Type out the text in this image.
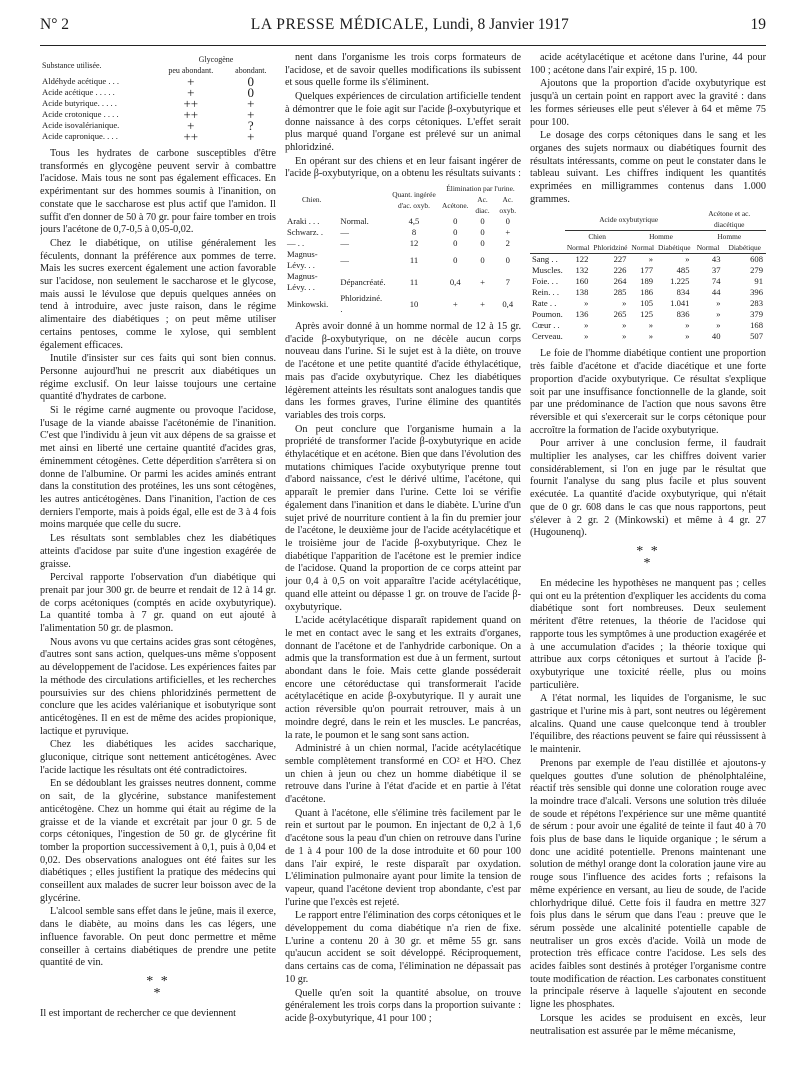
N° 2	LA PRESSE MÉDICALE, Lundi, 8 Janvier 1917	19
Substance utilisée.	Glycogène	
	peu abondant.	abondant.
Aldéhyde acétique . . .	+	0
Acide acétique . . . . .	+	0
Acide butyrique. . . . .	++	+
Acide crotonique . . . .	++	+
Acide isovalérianique.	+	?
Acide capronique. . . .	++	+

Tous les hydrates de carbone susceptibles d'être transformés en glycogène peuvent servir à combattre l'acidose. Mais tous ne sont pas également efficaces. En expérimentant sur des hommes soumis à l'inanition, on constate que le saccharose est plus actif que l'amidon. Il suffit d'en donner de 50 à 70 gr. pour faire tomber en trois jours l'acétone de 0,7-0,5 à 0,05-0,02.

Chez le diabétique, on utilise généralement les féculents, donnant la préférence aux pommes de terre. Mais les sucres exercent également une action favorable sur l'acidose, non seulement le saccharose et le glycose, mais aussi le lévulose que depuis quelques années on tend à introduire, avec juste raison, dans le régime alimentaire des diabétiques ; on peut même utiliser certains pentoses, comme le xylose, qui semblent également efficaces.

Inutile d'insister sur ces faits qui sont bien connus. Personne aujourd'hui ne prescrit aux diabétiques un régime exclusif. On leur laisse toujours une certaine quantité d'hydrates de carbone.

Si le régime carné augmente ou provoque l'acidose, l'usage de la viande abaisse l'acétonémie de l'inanition. C'est que l'individu à jeun vit aux dépens de sa graisse et met ainsi en liberté une certaine quantité d'acides gras, éminemment cétogènes. Cette déperdition s'arrêtera si on donne de l'albumine. Or parmi les acides aminés entrant dans la constitution des protéines, les uns sont cétogènes, les autres anticétogènes. Dans l'inanition, l'action de ces derniers l'emporte, mais à poids égal, elle est de 3 à 4 fois moins marquée que celle du sucre.

Les résultats sont semblables chez les diabétiques atteints d'acidose par suite d'une ingestion exagérée de graisse.

Percival rapporte l'observation d'un diabétique qui prenait par jour 300 gr. de beurre et rendait de 12 à 14 gr. de corps acétoniques (comptés en acide oxybutyrique). La quantité tomba à 7 gr. quand on eut ajouté à l'alimentation 50 gr. de plasmon.

Nous avons vu que certains acides gras sont cétogènes, d'autres sont sans action, quelques-uns même s'opposent au développement de l'acidose. Les expériences faites par la méthode des circulations artificielles, et les recherches poursuivies sur des chiens phloridzinés permettent de conclure que les acides valérianique et isobutyrique sont anticétogènes. Il en est de même des acides propionique, lactique et pyruvique.

Chez les diabétiques les acides saccharique, gluconique, citrique sont nettement anticétogènes. Avec l'acide lactique les résultats ont été contradictoires.

En se dédoublant les graisses neutres donnent, comme on sait, de la glycérine, substance manifestement anticétogène. Chez un homme qui était au régime de la graisse et de la viande et excrétait par jour 0 gr. 5 de corps cétoniques, l'ingestion de 50 gr. de glycérine fit tomber la proportion successivement à 0,1, puis à 0,04 et 0,02. Des observations analogues ont été faites sur les diabétiques ; elles justifient la pratique des médecins qui conseillent aux malades de sucrer leur boisson avec de la glycérine.

L'alcool semble sans effet dans le jeûne, mais il exerce, dans le diabète, au moins dans les cas légers, une influence favorable. On peut donc permettre et même conseiller à certains diabétiques de prendre une petite quantité de vin.

* *
*

Il est important de rechercher ce que deviennent

nent dans l'organisme les trois corps formateurs de l'acidose, et de savoir quelles modifications ils subissent et sous quelle forme ils s'éliminent.

Quelques expériences de circulation artificielle tendent à démontrer que le foie agit sur l'acide β-oxybutyrique et donne naissance à des corps cétoniques. L'effet serait plus marqué quand l'organe est prélevé sur un animal phloridziné.

En opérant sur des chiens et en leur faisant ingérer de l'acide β-oxybutyrique, on a obtenu les résultats suivants :

Chien.		Quant. ingérée d'ac. oxyb.	Élimination par l'urine.		
			Acétone.	Ac. diac.	Ac. oxyb.
Araki . . .	Normal.	4,5	0	0	0
Schwarz. .	—	8	0	0	+
— . .	—	12	0	0	2
Magnus-Lévy. . .	—	11	0	0	0
Magnus-Lévy. . .	Dépancréaté.	11	0,4	+	7
Minkowski.	Phloridziné. .	10	+	+	0,4

Après avoir donné à un homme normal de 12 à 15 gr. d'acide β-oxybutyrique, on ne décèle aucun corps nouveau dans l'urine. Si le sujet est à la diète, on trouve de l'acétone et une petite quantité d'acide éthylacétique, mais pas d'acide oxybutyrique. Chez les diabétiques légèrement atteints les résultats sont analogues tandis que dans les formes graves, l'urine élimine des quantités variables des trois corps.

On peut conclure que l'organisme humain a la propriété de transformer l'acide β-oxybutyrique en acide éthylacétique et en acétone. Bien que dans l'évolution des mutations chimiques l'acide oxybutyrique prenne tout d'abord naissance, c'est le dérivé ultime, l'acétone, qui apparaît le premier dans l'urine. Cette loi se vérifie également dans l'inanition et dans le diabète. L'urine d'un sujet privé de nourriture contient à la fin du premier jour de l'acétone, le deuxième jour de l'acide acétylacétique et le troisième jour de l'acide β-oxybutyrique. Chez le diabétique l'apparition de l'acétone est le premier indice de l'acidose. Quand la proportion de ce corps atteint par jour 0,4 à 0,5 on voit apparaître l'acide acétylacétique, quand elle atteint ou dépasse 1 gr. on trouve de l'acide β-oxybutyrique.

L'acide acétylacétique disparaît rapidement quand on le met en contact avec le sang et les extraits d'organes, donnant de l'acétone et de l'anhydride carbonique. On a admis que la transformation est due à un ferment, surtout abondant dans le foie. Mais cette glande posséderait encore une cétoréductase qui transformerait l'acide acétylacétique en acide β-oxybutyrique. Il y aurait une action réversible qu'on pourrait retrouver, mais à un moindre degré, dans le rein et les muscles. Le pancréas, la rate, le poumon et le sang sont sans action.

Administré à un chien normal, l'acide acétylacétique semble complètement transformé en CO² et H²O. Chez un chien à jeun ou chez un homme diabétique il se retrouve dans l'urine à l'état d'acide et en partie à l'état d'acétone.

Quant à l'acétone, elle s'élimine très facilement par le rein et surtout par le poumon. En injectant de 0,2 à 1,6 d'acétone sous la peau d'un chien on retrouve dans l'urine de 1 à 4 pour 100 de la dose introduite et 60 pour 100 dans l'air expiré, le reste disparaît par oxydation. L'élimination pulmonaire ayant pour limite la tension de vapeur, quand l'acétone devient trop abondante, c'est par l'urine que l'excès est rejeté.

Le rapport entre l'élimination des corps cétoniques et le développement du coma diabétique n'a rien de fixe. L'urine a contenu 20 à 30 gr. et même 55 gr. sans qu'aucun accident se soit développé. Réciproquement, dans certains cas de coma, l'élimination ne dépassait pas 10 gr.

Quelle qu'en soit la quantité absolue, on trouve généralement les trois corps dans la proportion suivante : acide β-oxybutyrique, 41 pour 100 ;

acide acétylacétique et acétone dans l'urine, 44 pour 100 ; acétone dans l'air expiré, 15 p. 100.

Ajoutons que la proportion d'acide oxybutyrique est jusqu'à un certain point en rapport avec la gravité : dans les formes sérieuses elle peut s'élever à 64 et même 75 pour 100.

Le dosage des corps cétoniques dans le sang et les organes des sujets normaux ou diabétiques fournit des résultats intéressants, comme on peut le constater dans le tableau suivant. Les chiffres indiquent les quantités exprimées en milligrammes contenus dans 1.000 grammes.

	Acide oxybutyrique				Acétone et ac. diacétique	
	Chien		Homme		Homme	
	Normal	Phloridziné	Normal	Diabétique	Normal	Diabétique
Sang . .	122	227	»	»	43	608
Muscles.	132	226	177	485	37	279
Foie. . .	160	264	189	1.225	74	91
Rein. . .	138	285	186	834	44	396
Rate . .	»	»	105	1.041	»	283
Poumon.	136	265	125	836	»	379
Cœur . .	»	»	»	»	»	168
Cerveau.	»	»	»	»	40	507

Le foie de l'homme diabétique contient une proportion très faible d'acétone et d'acide diacétique et une forte proportion d'acide oxybutyrique. Ce résultat s'explique soit par une insuffisance fonctionnelle de la glande, soit par une prédominance de l'action que nous savons être réversible et qui s'exercerait sur le corps cétonique pour accroître la formation de l'acide oxybutyrique.

Pour arriver à une conclusion ferme, il faudrait multiplier les analyses, car les chiffres doivent varier considérablement, si l'on en juge par le résultat que fournit l'analyse du sang plus facile et plus souvent exécutée. La quantité d'acide oxybutyrique, qui n'était que de 0 gr. 608 dans le cas que nous rapportons, peut s'élever à 2 gr. 2 (Minkowski) et même à 4 gr. 27 (Hugounenq).

* *
*

En médecine les hypothèses ne manquent pas ; celles qui ont eu la prétention d'expliquer les accidents du coma diabétique sont fort nombreuses. Deux seulement méritent d'être retenues, la théorie de l'acidose qui rapporte tous les symptômes à une production exagérée et à une accumulation d'acides ; la théorie toxique qui attribue aux corps cétoniques et surtout à l'acide β-oxybutyrique une toxicité réelle, plus ou moins particulière.

A l'état normal, les liquides de l'organisme, le suc gastrique et l'urine mis à part, sont neutres ou légèrement alcalins. Quand une cause quelconque tend à troubler l'équilibre, des réactions peuvent se faire qui réussissent à le maintenir.

Prenons par exemple de l'eau distillée et ajoutons-y quelques gouttes d'une solution de phénolphtaléine, réactif très sensible qui donne une coloration rouge avec la moindre trace d'alcali. Versons une solution très diluée de soude et répétons l'expérience sur une même quantité de sérum : pour avoir une égalité de teinte il faut 40 à 70 fois plus de base dans le liquide organique ; le sérum a donc une acidité potentielle. Prenons maintenant une solution de méthyl orange dont la coloration jaune vire au rouge sous l'influence des acides forts ; refaisons la même expérience en versant, au lieu de soude, de l'acide chlorhydrique dilué. Cette fois il faudra en mettre 327 fois plus dans le sérum que dans l'eau : preuve que le sérum possède une alcalinité potentielle capable de neutraliser un gros excès d'acide. Voilà un mode de protection très efficace contre l'acidose. Les sels des acides faibles sont destinés à protéger l'organisme contre toute modification de réaction. Les carbonates constituent la principale réserve à laquelle s'ajoutent en seconde ligne les phosphates.

Lorsque les acides se produisent en excès, leur neutralisation est assurée par le même mécanisme,
